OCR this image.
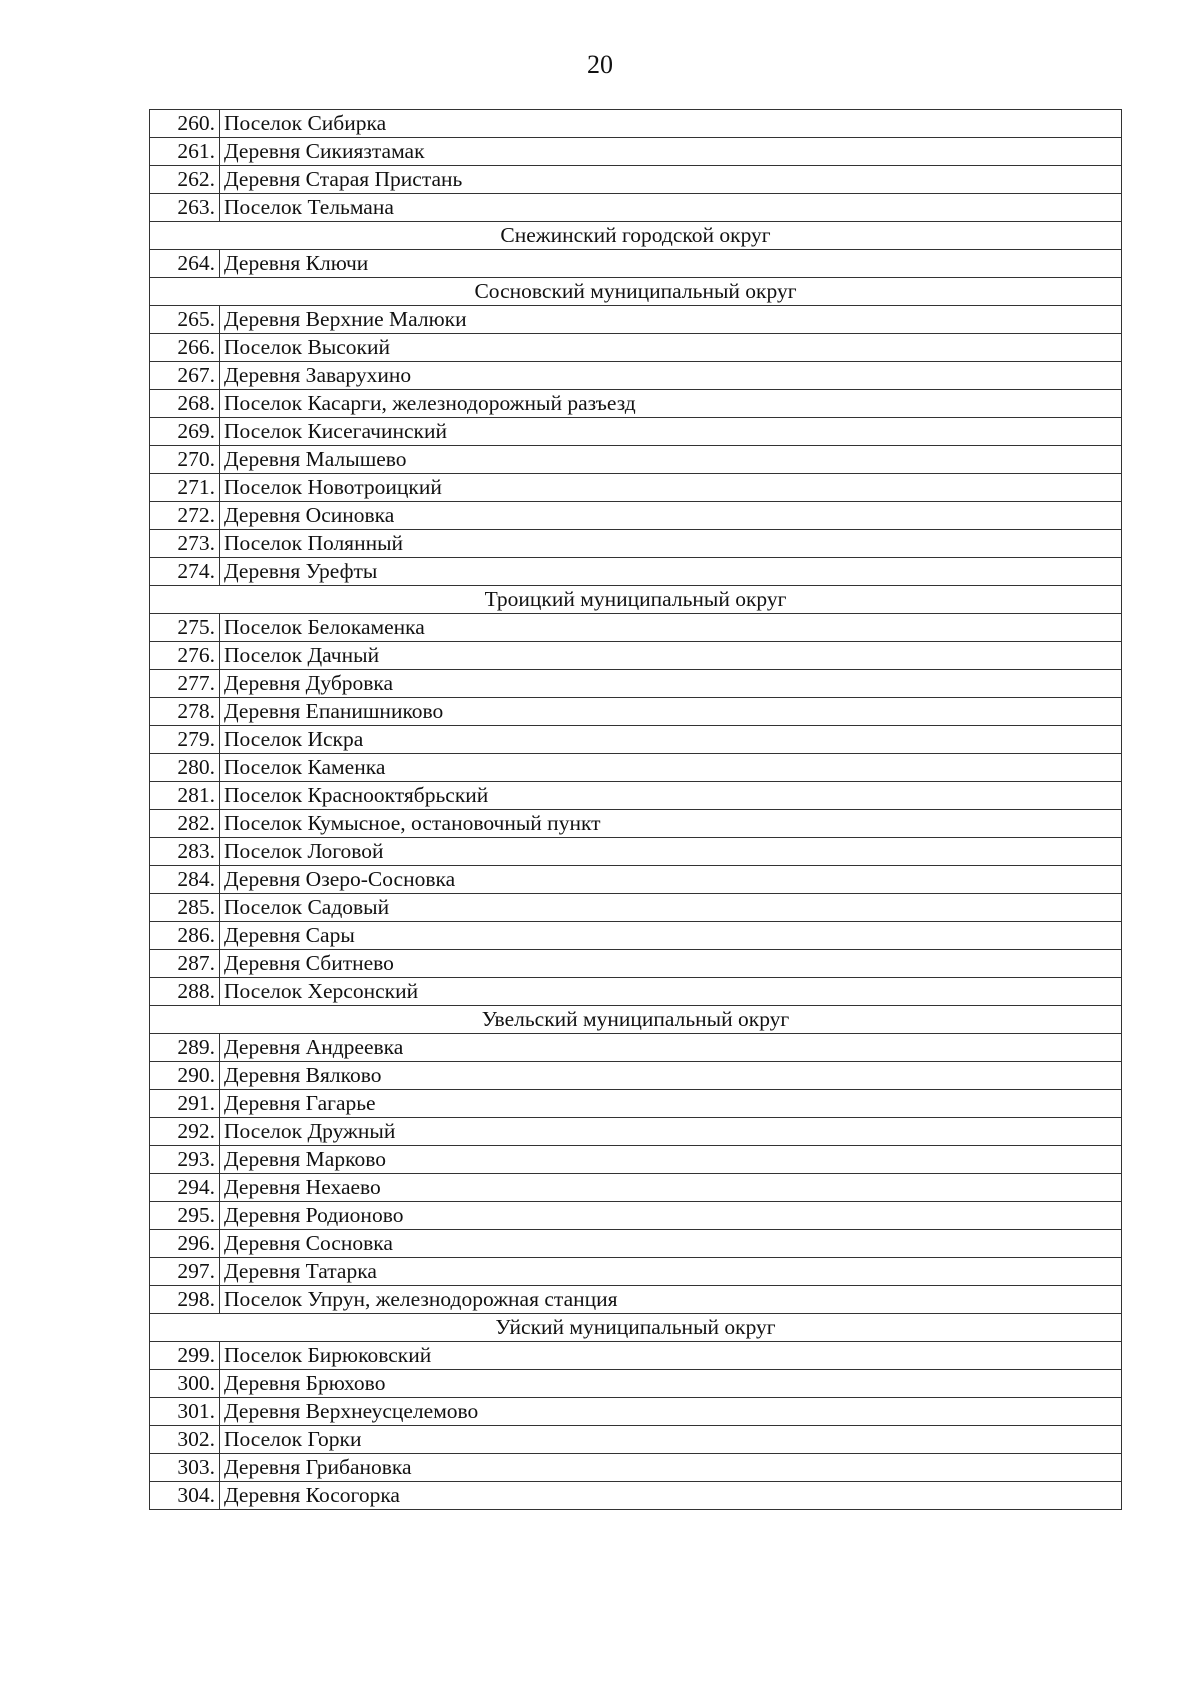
20
260.	Поселок Сибирка
261.	Деревня Сикиязтамак
262.	Деревня Старая Пристань
263.	Поселок Тельмана
Снежинский городской округ	
264.	Деревня Ключи
Сосновский муниципальный округ	
265.	Деревня Верхние Малюки
266.	Поселок Высокий
267.	Деревня Заварухино
268.	Поселок Касарги, железнодорожный разъезд
269.	Поселок Кисегачинский
270.	Деревня Малышево
271.	Поселок Новотроицкий
272.	Деревня Осиновка
273.	Поселок Полянный
274.	Деревня Урефты
Троицкий муниципальный округ	
275.	Поселок Белокаменка
276.	Поселок Дачный
277.	Деревня Дубровка
278.	Деревня Епанишниково
279.	Поселок Искра
280.	Поселок Каменка
281.	Поселок Краснооктябрьский
282.	Поселок Кумысное, остановочный пункт
283.	Поселок Логовой
284.	Деревня Озеро-Сосновка
285.	Поселок Садовый
286.	Деревня Сары
287.	Деревня Сбитнево
288.	Поселок Херсонский
Увельский муниципальный округ	
289.	Деревня Андреевка
290.	Деревня Вялково
291.	Деревня Гагарье
292.	Поселок Дружный
293.	Деревня Марково
294.	Деревня Нехаево
295.	Деревня Родионово
296.	Деревня Сосновка
297.	Деревня Татарка
298.	Поселок Упрун, железнодорожная станция
Уйский муниципальный округ	
299.	Поселок Бирюковский
300.	Деревня Брюхово
301.	Деревня Верхнеусцелемово
302.	Поселок Горки
303.	Деревня Грибановка
304.	Деревня Косогорка
